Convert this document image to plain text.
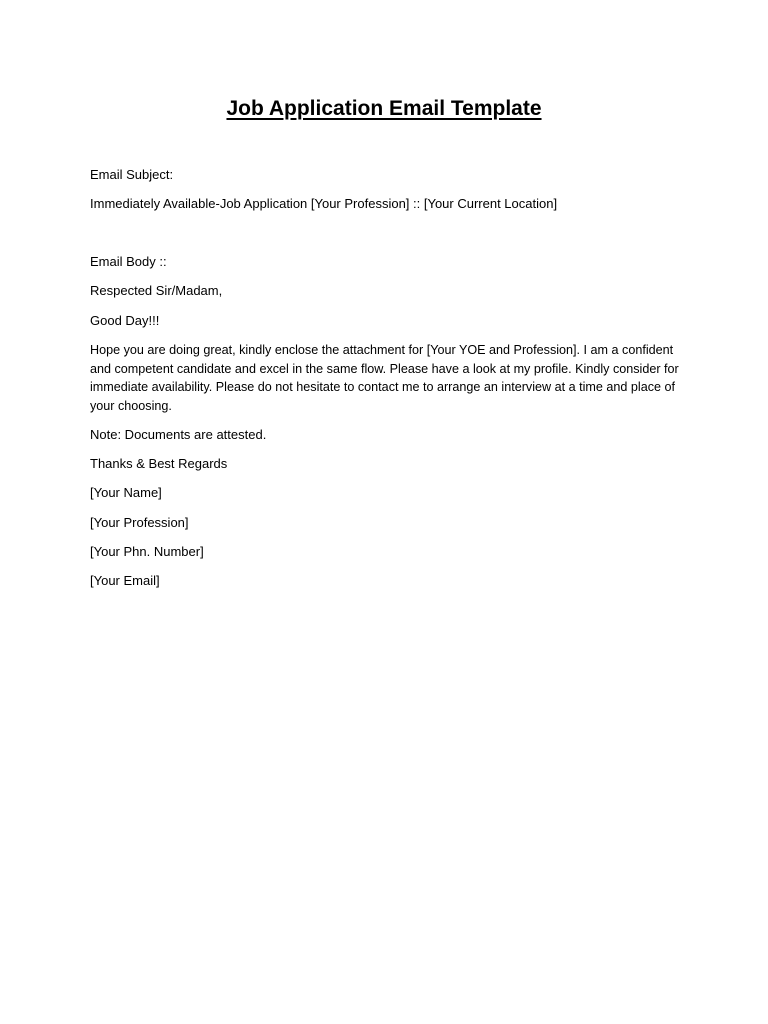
Job Application Email Template

Email Subject:

Immediately Available-Job Application [Your Profession] :: [Your Current Location]

Email Body ::

Respected Sir/Madam,

Good Day!!!

Hope you are doing great, kindly enclose the attachment for [Your YOE and Profession]. I am a confident and competent candidate and excel in the same flow. Please have a look at my profile. Kindly consider for immediate availability. Please do not hesitate to contact me to arrange an interview at a time and place of your choosing.

Note: Documents are attested.

Thanks & Best Regards

[Your Name]

[Your Profession]

[Your Phn. Number]

[Your Email]
